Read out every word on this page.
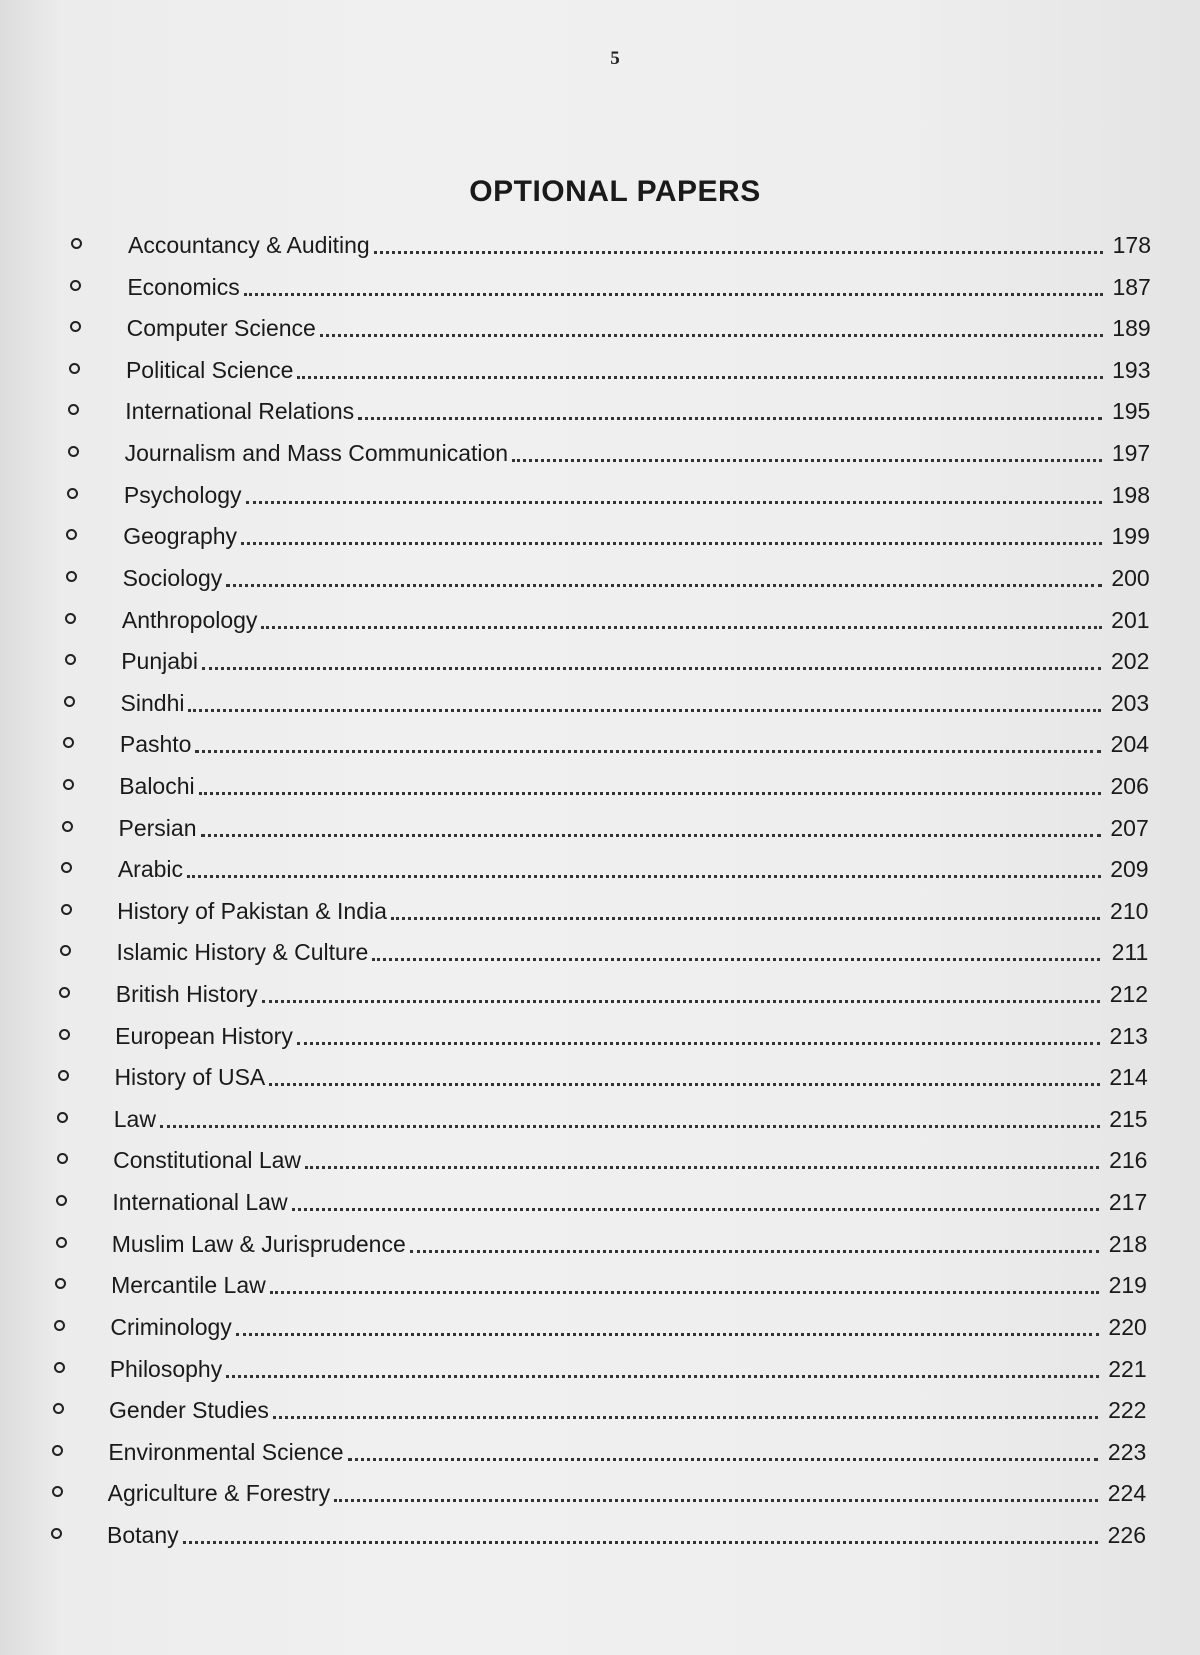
5
OPTIONAL PAPERS
Accountancy & Auditing	178
Economics	187
Computer Science	189
Political Science	193
International Relations	195
Journalism and Mass Communication	197
Psychology	198
Geography	199
Sociology	200
Anthropology	201
Punjabi	202
Sindhi	203
Pashto	204
Balochi	206
Persian	207
Arabic	209
History of Pakistan & India	210
Islamic History & Culture	211
British History	212
European History	213
History of USA	214
Law	215
Constitutional Law	216
International Law	217
Muslim Law & Jurisprudence	218
Mercantile Law	219
Criminology	220
Philosophy	221
Gender Studies	222
Environmental Science	223
Agriculture & Forestry	224
Botany	226
